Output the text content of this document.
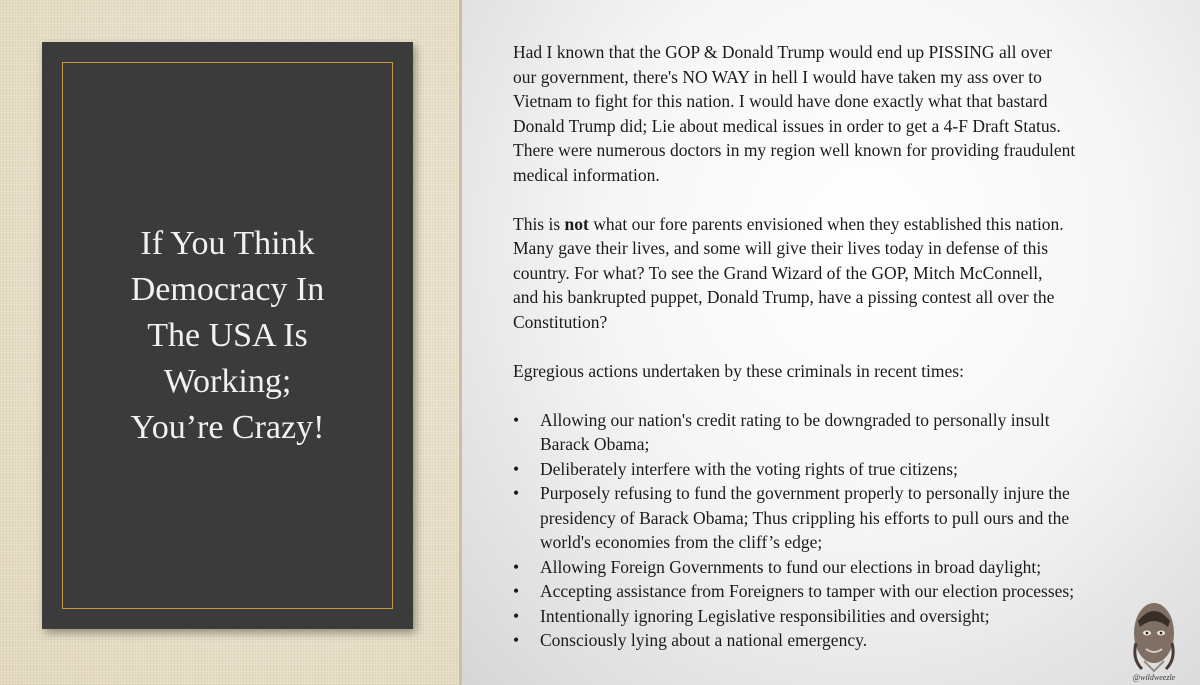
If You Think
Democracy In
The USA Is
Working;
You’re Crazy!

Had I known that the GOP & Donald Trump would end up PISSING all over
our government, there's NO WAY in hell I would have taken my ass over to
Vietnam to fight for this nation. I would have done exactly what that bastard
Donald Trump did; Lie about medical issues in order to get a 4-F Draft Status.
There were numerous doctors in my region well known for providing fraudulent
medical information.

This is not what our fore parents envisioned when they established this nation.
Many gave their lives, and some will give their lives today in defense of this
country. For what? To see the Grand Wizard of the GOP, Mitch McConnell,
and his bankrupted puppet, Donald Trump, have a pissing contest all over the
Constitution?

Egregious actions undertaken by these criminals in recent times:

• Allowing our nation's credit rating to be downgraded to personally insult
Barack Obama;
• Deliberately interfere with the voting rights of true citizens;
• Purposely refusing to fund the government properly to personally injure the
presidency of Barack Obama; Thus crippling his efforts to pull ours and the
world's economies from the cliff’s edge;
• Allowing Foreign Governments to fund our elections in broad daylight;
• Accepting assistance from Foreigners to tamper with our election processes;
• Intentionally ignoring Legislative responsibilities and oversight;
• Consciously lying about a national emergency.
@wildweezle
